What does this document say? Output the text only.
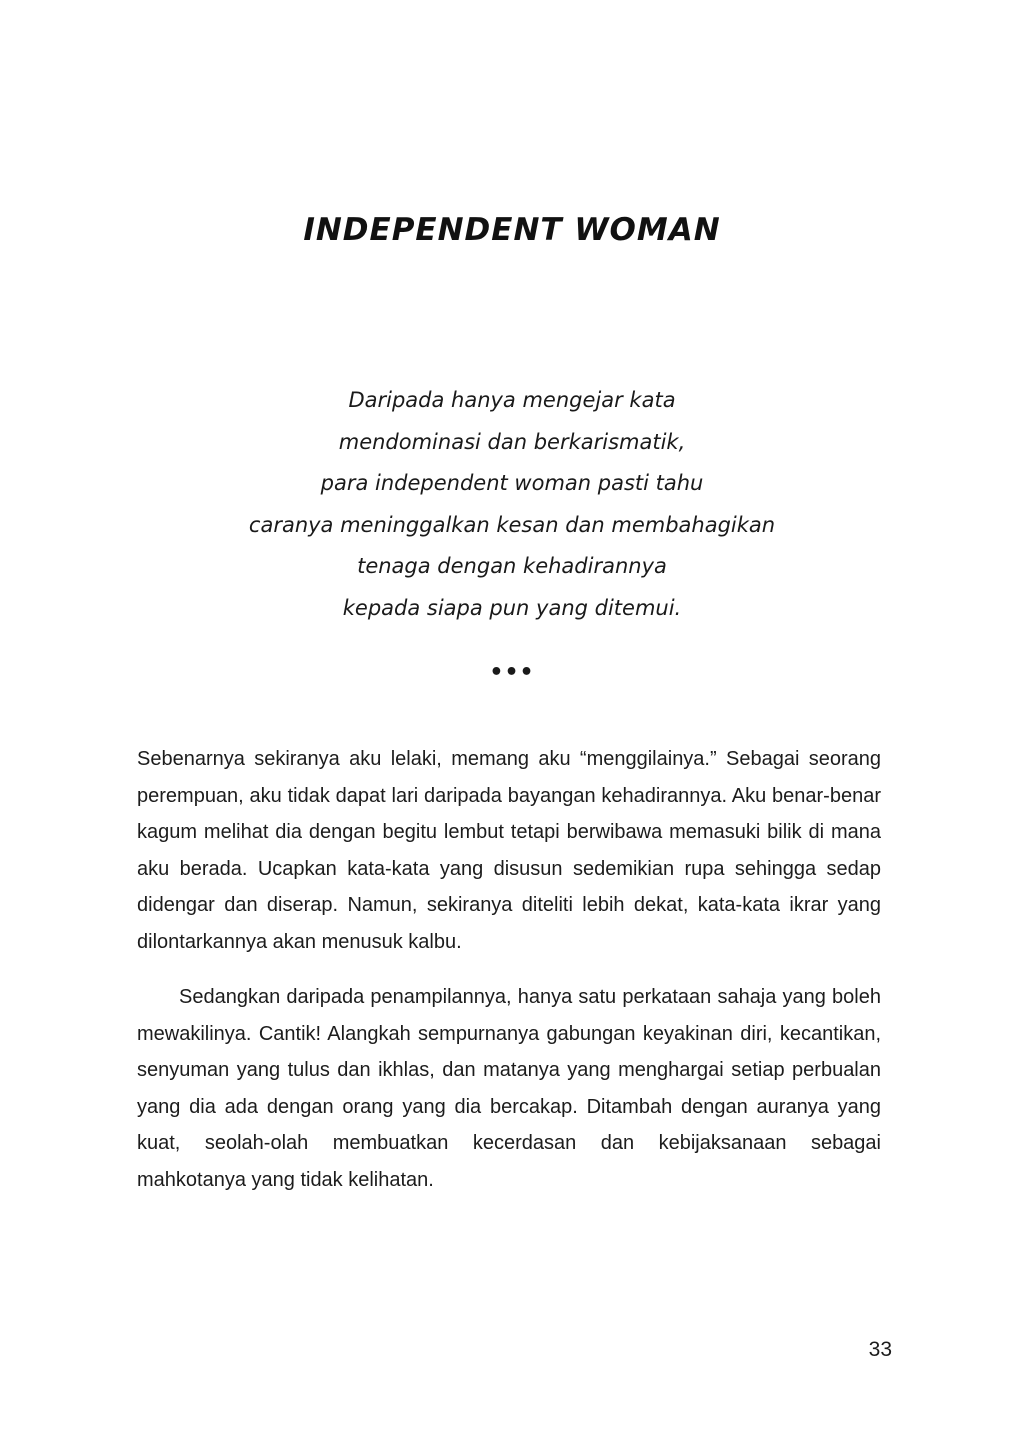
INDEPENDENT WOMAN
Daripada hanya mengejar kata
mendominasi dan berkarismatik,
para independent woman pasti tahu
caranya meninggalkan kesan dan membahagikan
tenaga dengan kehadirannya
kepada siapa pun yang ditemui.
•••

Sebenarnya sekiranya aku lelaki, memang aku “menggilainya.” Sebagai seorang perempuan, aku tidak dapat lari daripada bayangan kehadirannya. Aku benar-benar kagum melihat dia dengan begitu lembut tetapi berwibawa memasuki bilik di mana aku berada. Ucapkan kata-kata yang disusun sedemikian rupa sehingga sedap didengar dan diserap. Namun, sekiranya diteliti lebih dekat, kata-kata ikrar yang dilontarkannya akan menusuk kalbu.

Sedangkan daripada penampilannya, hanya satu perkataan sahaja yang boleh mewakilinya. Cantik! Alangkah sempurnanya gabungan keyakinan diri, kecantikan, senyuman yang tulus dan ikhlas, dan matanya yang menghargai setiap perbualan yang dia ada dengan orang yang dia bercakap. Ditambah dengan auranya yang kuat, seolah-olah membuatkan kecerdasan dan kebijaksanaan sebagai mahkotanya yang tidak kelihatan.

33
